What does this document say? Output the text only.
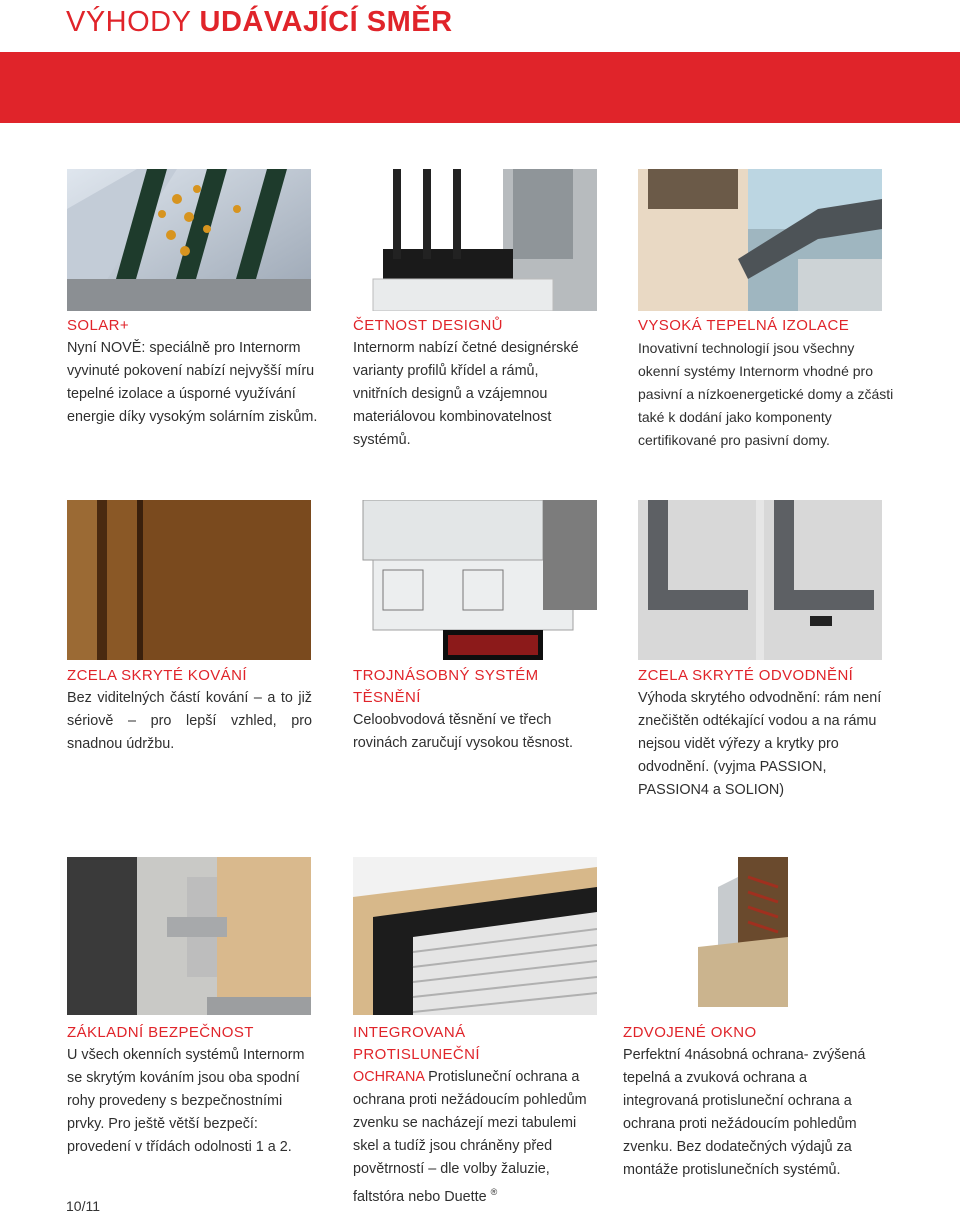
VÝHODY UDÁVAJÍCÍ SMĚR
SOLAR+

Nyní NOVĚ: speciálně pro Internorm vyvinuté pokovení nabízí nejvyšší míru tepelné izolace a úsporné využívání energie díky vysokým solárním ziskům.

ČETNOST DESIGNŮ

Internorm nabízí četné designérské varianty profilů křídel a rámů, vnitřních designů a vzájemnou materiálovou kombinovatelnost systémů.

VYSOKÁ TEPELNÁ IZOLACE

Inovativní technologií jsou všechny okenní systémy Internorm vhodné pro pasivní a nízkoenergetické domy a zčásti také k dodání jako komponenty certifikované pro pasivní domy.

ZCELA SKRYTÉ KOVÁNÍ

Bez viditelných částí kování – a to již sériově – pro lepší vzhled, pro snadnou údržbu.

TROJNÁSOBNÝ SYSTÉM TĚSNĚNÍ

Celoobvodová těsnění ve třech rovinách zaručují vysokou těsnost.

ZCELA SKRYTÉ ODVODNĚNÍ

Výhoda skrytého odvodnění: rám není znečištěn odtékající vodou a na rámu nejsou vidět výřezy a krytky pro odvodnění. (vyjma PASSION, PASSION4 a SOLION)

ZÁKLADNÍ BEZPEČNOST

U všech okenních systémů Internorm se skrytým kováním jsou oba spodní rohy provedeny s bezpečnostními prvky. Pro ještě větší bezpečí: provedení v třídách odolnosti 1 a 2.

INTEGROVANÁ PROTISLUNEČNÍ

OCHRANA Protisluneční ochrana a ochrana proti nežádoucím pohledům zvenku se nacházejí mezi tabulemi skel a tudíž jsou chráněny před povětrností – dle volby žaluzie, faltstóra nebo Duette ®

ZDVOJENÉ OKNO

Perfektní 4násobná ochrana- zvýšená tepelná a zvuková ochrana a integrovaná protisluneční ochrana a ochrana proti nežádoucím pohledům zvenku. Bez dodatečných výdajů za montáže protislunečních systémů.

10/11
